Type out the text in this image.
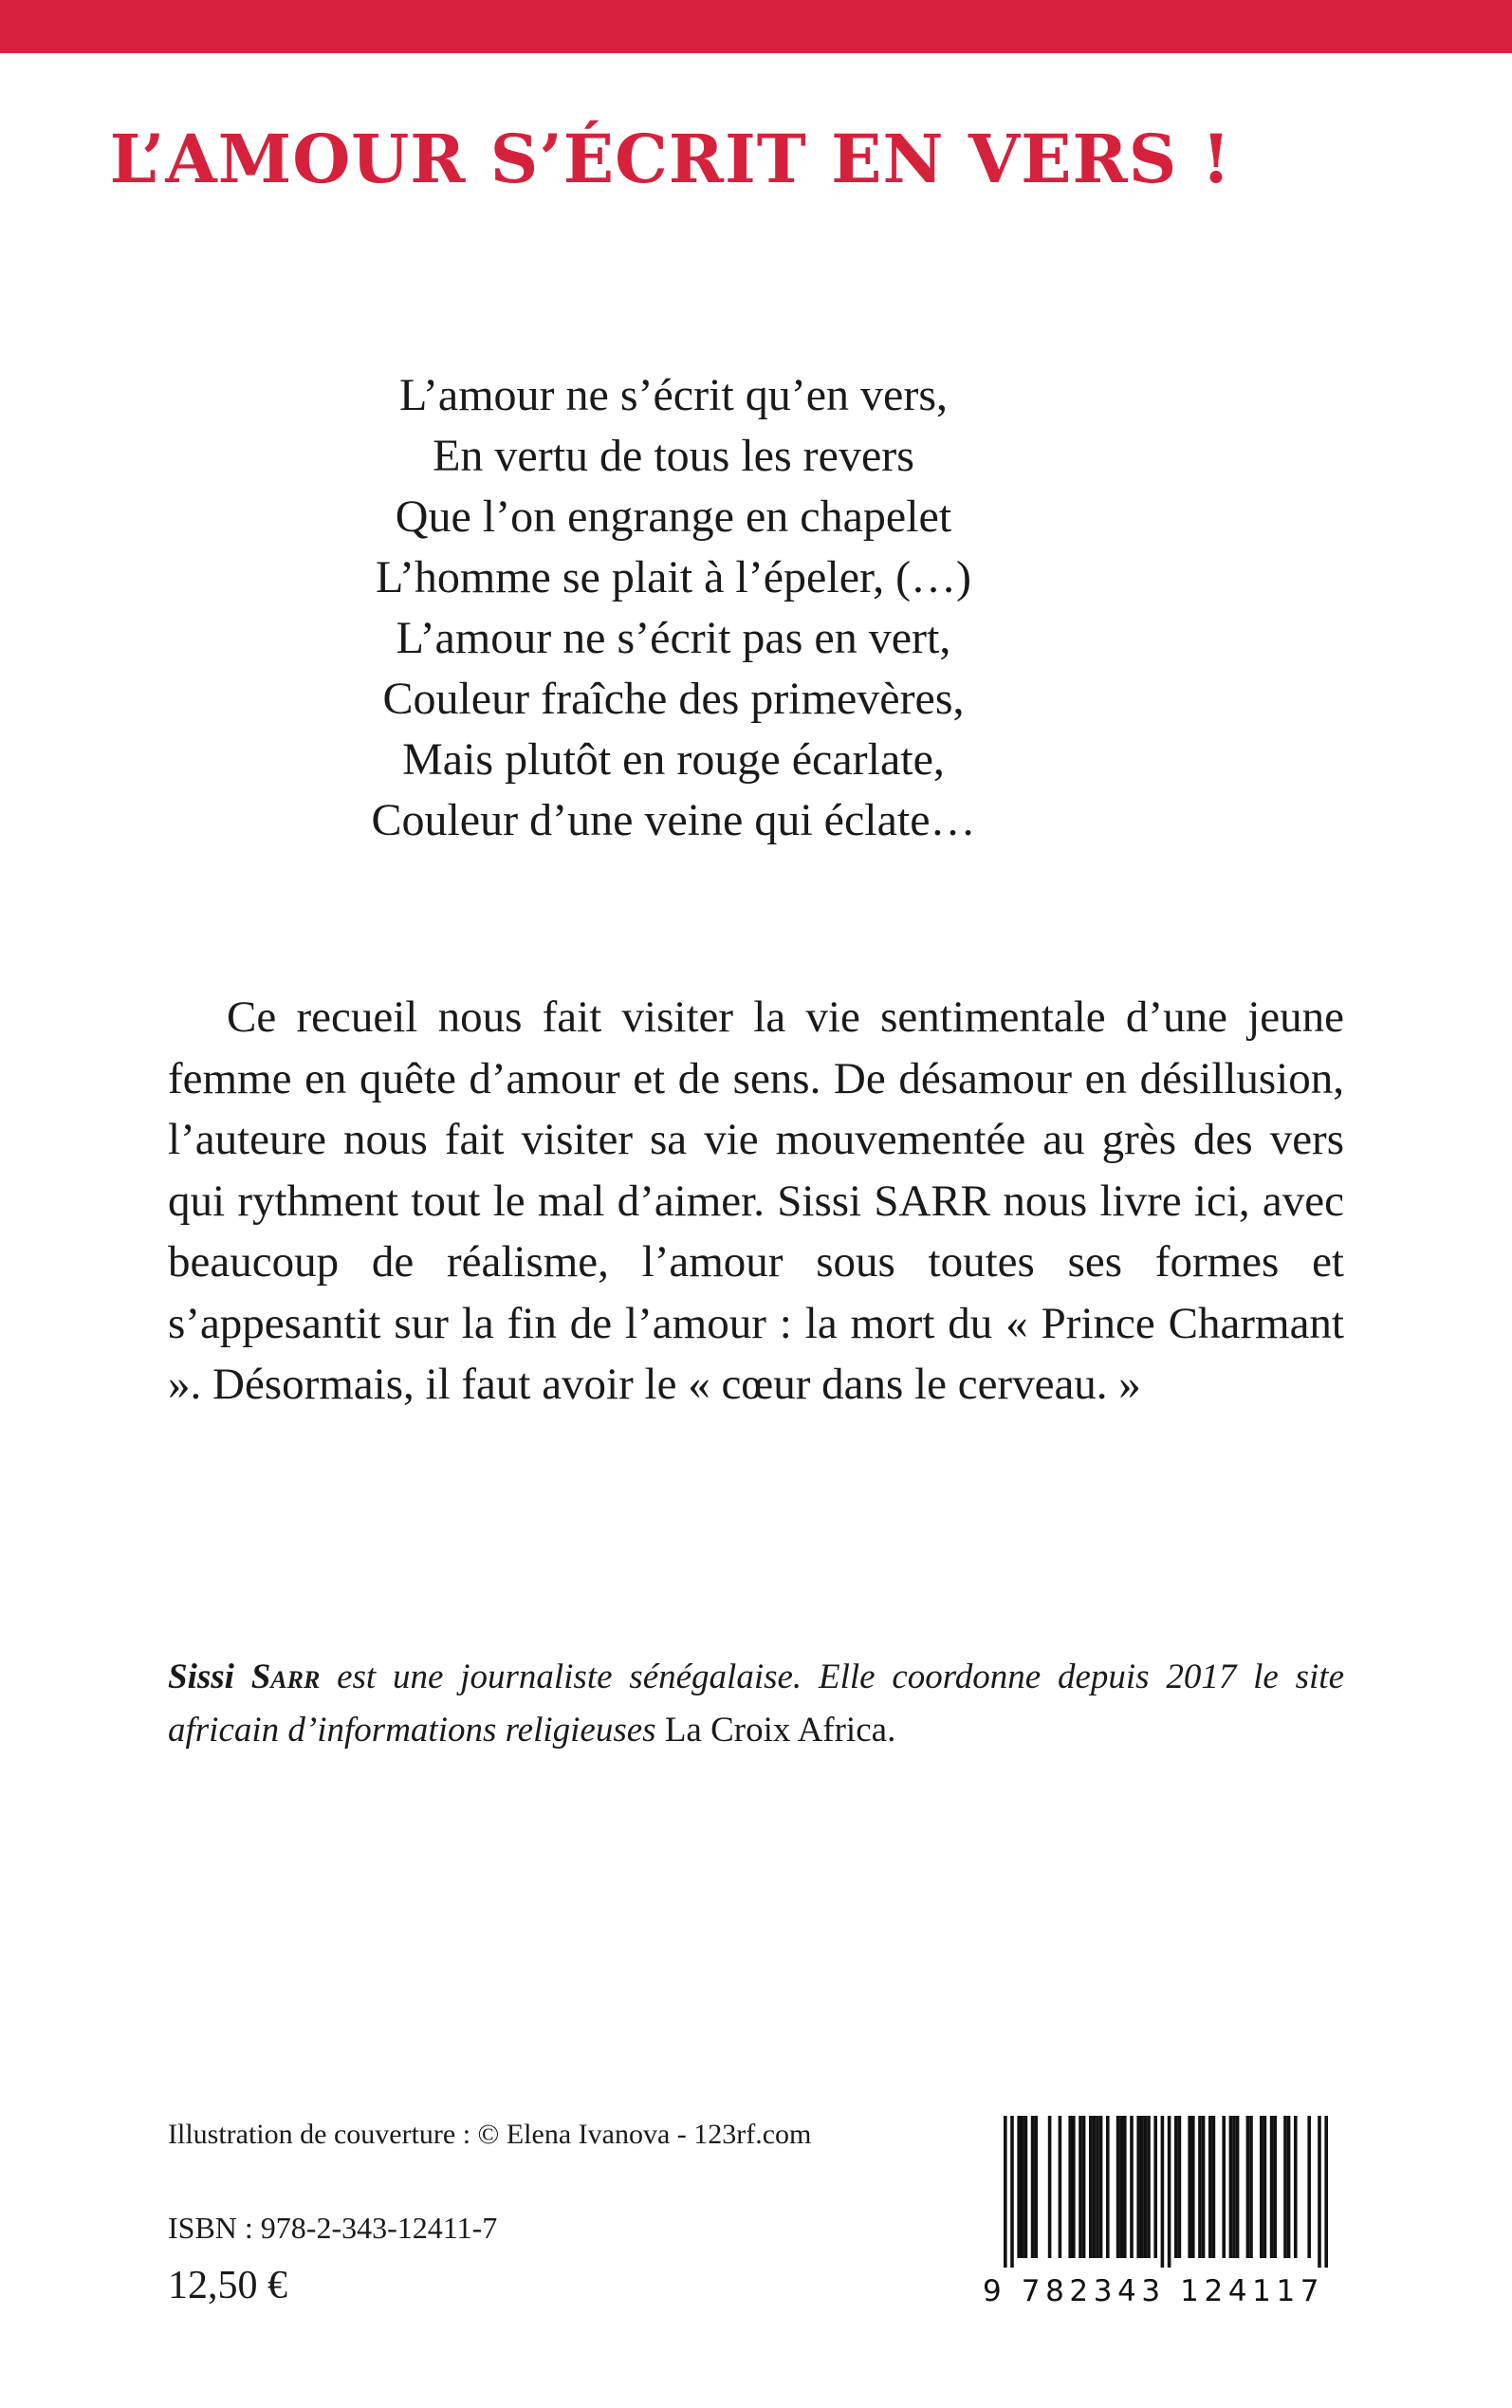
L’AMOUR S’ÉCRIT EN VERS !
L’amour ne s’écrit qu’en vers,
En vertu de tous les revers
Que l’on engrange en chapelet
L’homme se plait à l’épeler, (…)
L’amour ne s’écrit pas en vert,
Couleur fraîche des primevères,
Mais plutôt en rouge écarlate,
Couleur d’une veine qui éclate…

Ce recueil nous fait visiter la vie sentimentale d’une jeune femme en quête d’amour et de sens. De désamour en désillusion, l’auteure nous fait visiter sa vie mouvementée au grès des vers qui rythment tout le mal d’aimer. Sissi SARR nous livre ici, avec beaucoup de réalisme, l’amour sous toutes ses formes et s’appesantit sur la fin de l’amour : la mort du « Prince Charmant ». Désormais, il faut avoir le « cœur dans le cerveau. »

Sissi Sarr est une journaliste sénégalaise. Elle coordonne depuis 2017 le site africain d’informations religieuses La Croix Africa.

Illustration de couverture : © Elena Ivanova - 123rf.com
ISBN : 978-2-343-12411-7
12,50 €	9 782343 124117
